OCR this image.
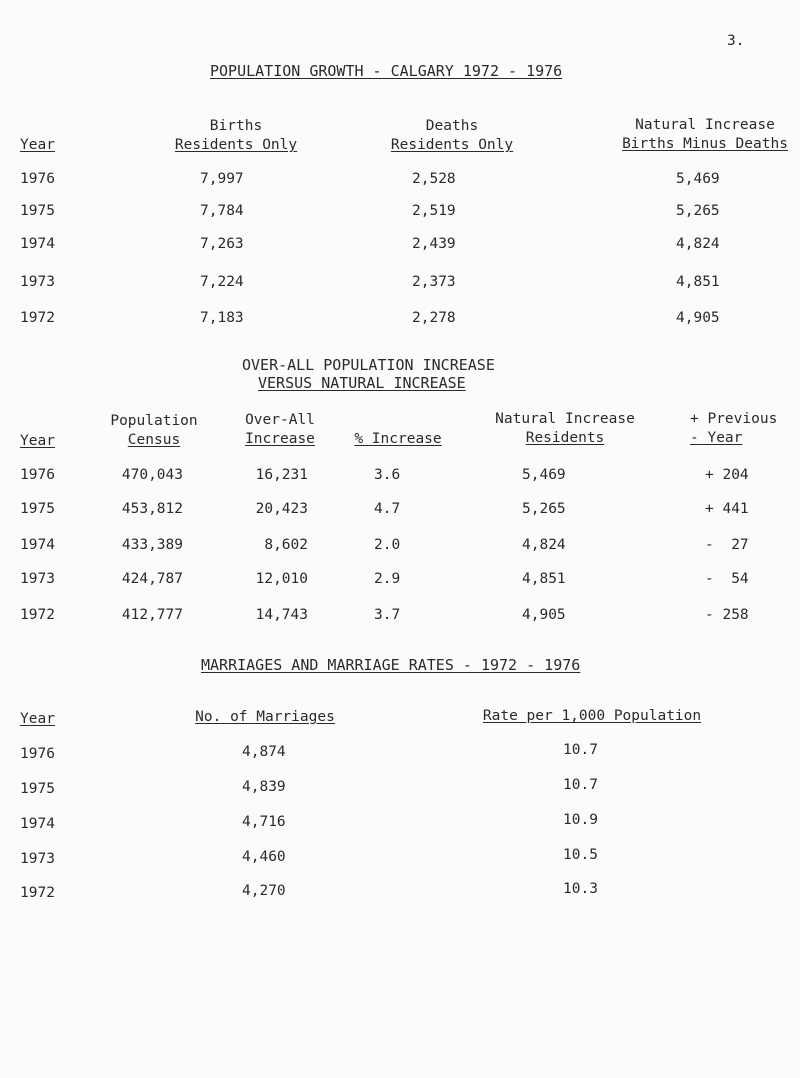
3.
POPULATION GROWTH - CALGARY 1972 - 1976
Year
Births
Residents Only
Deaths
Residents Only
Natural Increase
Births Minus Deaths
1976	7,997	2,528	5,469
1975	7,784	2,519	5,265
1974	7,263	2,439	4,824
1973	7,224	2,373	4,851
1972	7,183	2,278	4,905
OVER-ALL POPULATION INCREASE
VERSUS NATURAL INCREASE
Year
Population
Census
Over-All
Increase	% Increase
Natural Increase
Residents
+ Previous
- Year
1976	470,043	16,231	3.6	5,469	+ 204
1975	453,812	20,423	4.7	5,265	+ 441
1974	433,389	8,602	2.0	4,824	-  27
1973	424,787	12,010	2.9	4,851	-  54
1972	412,777	14,743	3.7	4,905	- 258
MARRIAGES AND MARRIAGE RATES - 1972 - 1976
Year	No. of Marriages	Rate per 1,000 Population
1976	4,874	10.7
1975	4,839	10.7
1974	4,716	10.9
1973	4,460	10.5
1972	4,270	10.3
